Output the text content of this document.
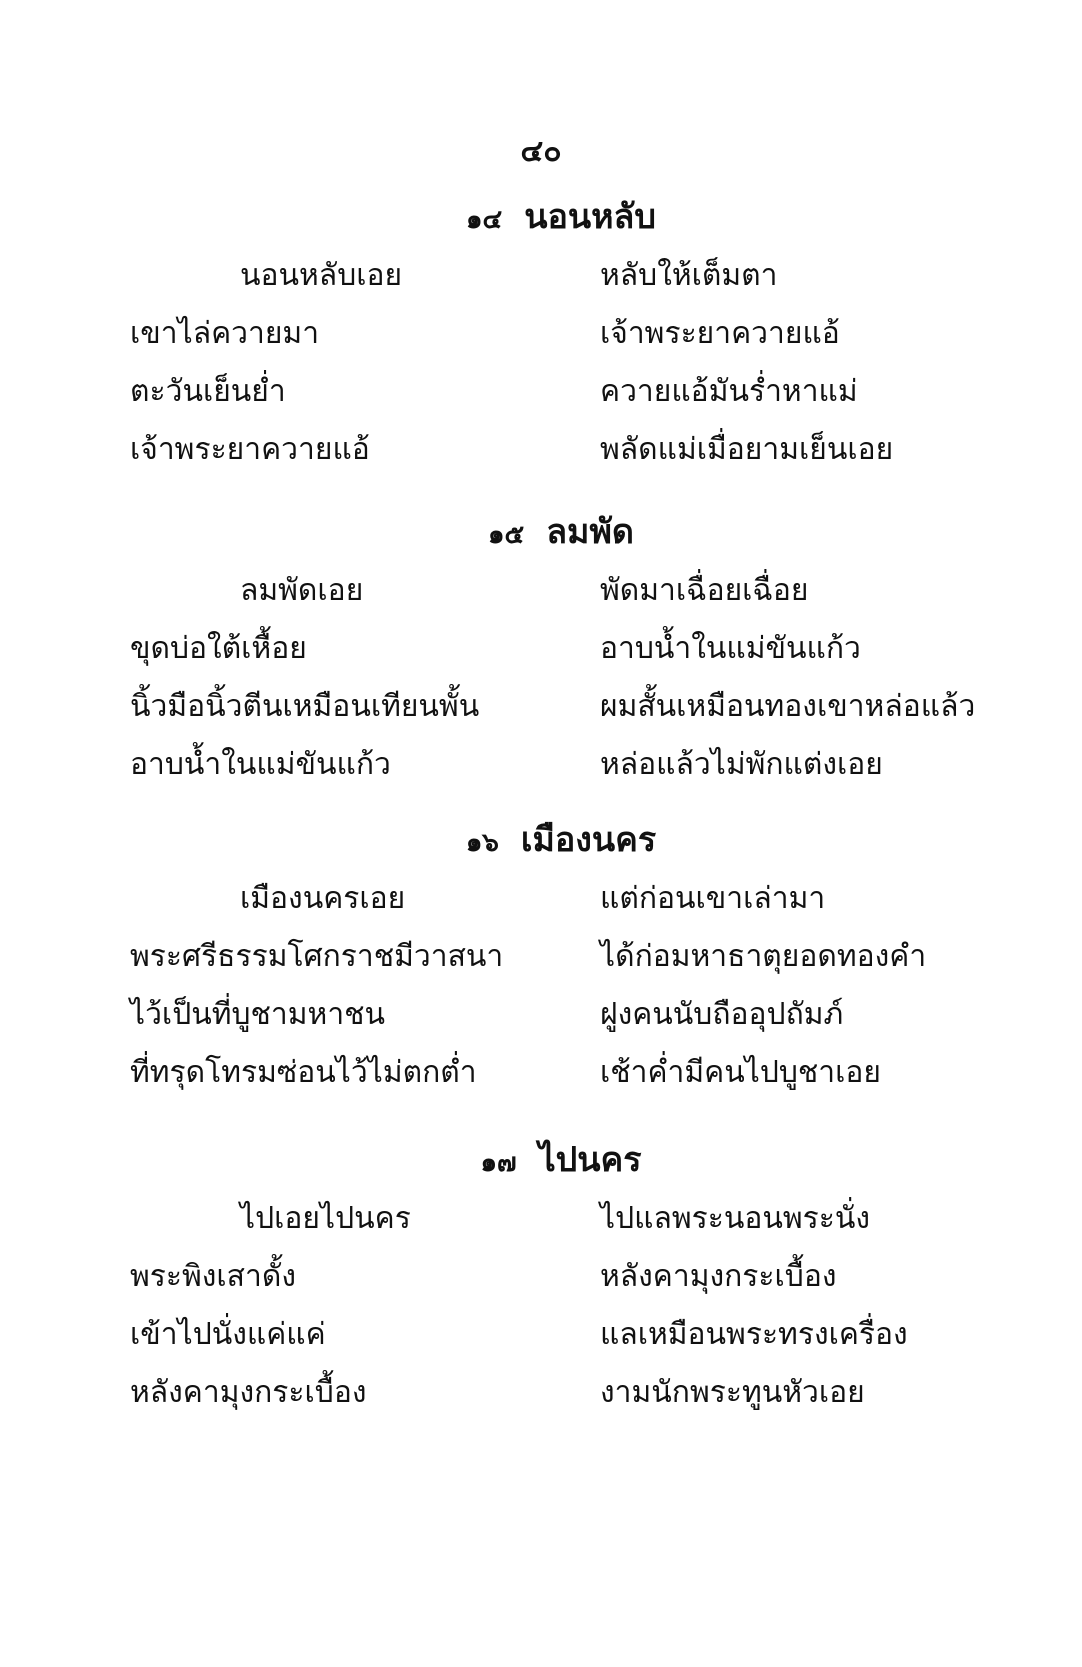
๔๐
๑๔ นอนหลับ
นอนหลับเอย	หลับให้เต็มตา
เขาไล่ควายมา	เจ้าพระยาควายแอ้
ตะวันเย็นย่ำ	ควายแอ้มันร่ำหาแม่
เจ้าพระยาควายแอ้	พลัดแม่เมื่อยามเย็นเอย
๑๕ ลมพัด
ลมพัดเอย	พัดมาเฉื่อยเฉื่อย
ขุดบ่อใต้เหื้อย	อาบน้ำในแม่ขันแก้ว
นิ้วมือนิ้วตีนเหมือนเทียนพั้น	ผมสั้นเหมือนทองเขาหล่อแล้ว
อาบน้ำในแม่ขันแก้ว	หล่อแล้วไม่พักแต่งเอย
๑๖ เมืองนคร
เมืองนครเอย	แต่ก่อนเขาเล่ามา
พระศรีธรรมโศกราชมีวาสนา	ได้ก่อมหาธาตุยอดทองคำ
ไว้เป็นที่บูชามหาชน	ฝูงคนนับถืออุปถัมภ์
ที่ทรุดโทรมซ่อนไว้ไม่ตกต่ำ	เช้าค่ำมีคนไปบูชาเอย
๑๗ ไปนคร
ไปเอยไปนคร	ไปแลพระนอนพระนั่ง
พระพิงเสาดั้ง	หลังคามุงกระเบื้อง
เข้าไปนั่งแค่แค่	แลเหมือนพระทรงเครื่อง
หลังคามุงกระเบื้อง	งามนักพระทูนหัวเอย
